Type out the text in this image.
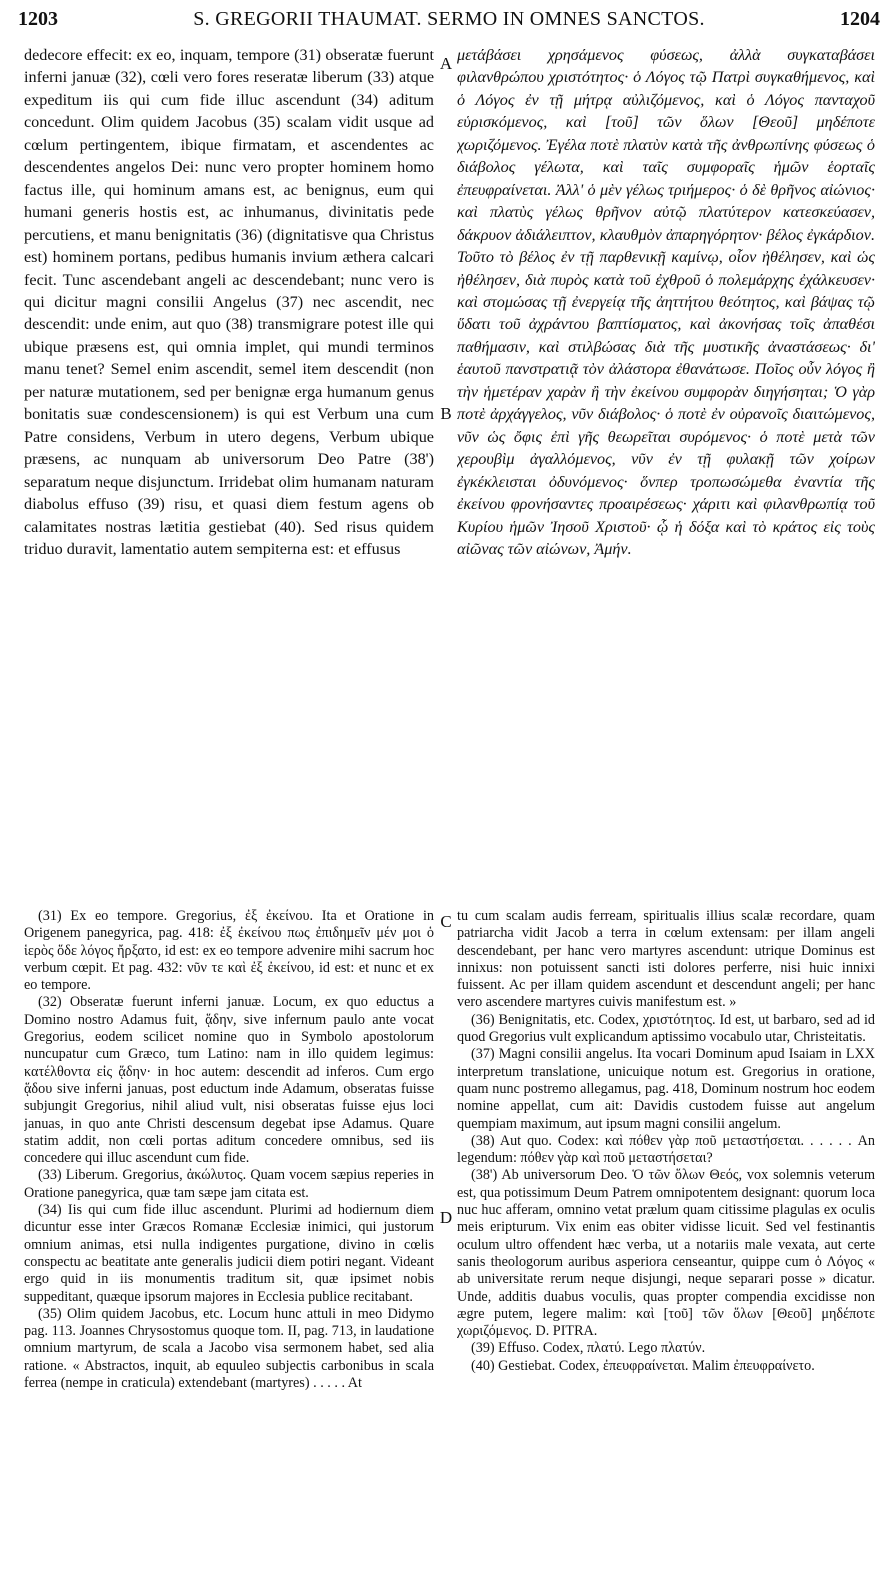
1203	S. GREGORII THAUMAT. SERMO IN OMNES SANCTOS.	1204

dedecore effecit: ex eo, inquam, tempore (31) obseratæ fuerunt inferni januæ (32), cœli vero fores reseratæ liberum (33) atque expeditum iis qui cum fide illuc ascendunt (34) aditum concedunt. Olim quidem Jacobus (35) scalam vidit usque ad cœlum pertingentem, ibique firmatam, et ascendentes ac descendentes angelos Dei: nunc vero propter hominem homo factus ille, qui hominum amans est, ac benignus, eum qui humani generis hostis est, ac inhumanus, divinitatis pede percutiens, et manu benignitatis (36) (dignitatisve qua Christus est) hominem portans, pedibus humanis invium æthera calcari fecit. Tunc ascendebant angeli ac descendebant; nunc vero is qui dicitur magni consilii Angelus (37) nec ascendit, nec descendit: unde enim, aut quo (38) transmigrare potest ille qui ubique præsens est, qui omnia implet, qui mundi terminos manu tenet? Semel enim ascendit, semel item descendit (non per naturæ mutationem, sed per benignæ erga humanum genus bonitatis suæ condescensionem) is qui est Verbum una cum Patre considens, Verbum in utero degens, Verbum ubique præsens, ac nunquam ab universorum Deo Patre (38') separatum neque disjunctum. Irridebat olim humanam naturam diabolus effuso (39) risu, et quasi diem festum agens ob calamitates nostras lætitia gestiebat (40). Sed risus quidem triduo duravit, lamentatio autem sempiterna est: et effusus

μετάβάσει χρησάμενος φύσεως, ἀλλὰ συγκαταβάσει φιλανθρώπου χριστότητος· ὁ Λόγος τῷ Πατρὶ συγκαθήμενος, καὶ ὁ Λόγος ἐν τῇ μήτρᾳ αὐλιζόμενος, καὶ ὁ Λόγος πανταχοῦ εὑρισκόμενος, καὶ [τοῦ] τῶν ὅλων [Θεοῦ] μηδέποτε χωριζόμενος. Ἐγέλα ποτὲ πλατὺν κατὰ τῆς ἀνθρωπίνης φύσεως ὁ διάβολος γέλωτα, καὶ ταῖς συμφοραῖς ἡμῶν ἑορταῖς ἐπευφραίνεται. Ἀλλ' ὁ μὲν γέλως τριήμερος· ὁ δὲ θρῆνος αἰώνιος· καὶ πλατὺς γέλως θρῆνον αὐτῷ πλατύτερον κατεσκεύασεν, δάκρυον ἀδιάλειπτον, κλαυθμὸν ἀπαρηγόρητον· βέλος ἐγκάρδιον. Τοῦτο τὸ βέλος ἐν τῇ παρθενικῇ καμίνῳ, οἷον ἠθέλησεν, καὶ ὡς ἠθέλησεν, διὰ πυρὸς κατὰ τοῦ ἐχθροῦ ὁ πολεμάρχης ἐχάλκευσεν· καὶ στομώσας τῇ ἐνεργείᾳ τῆς ἀηττήτου θεότητος, καὶ βάψας τῷ ὕδατι τοῦ ἀχράντου βαπτίσματος, καὶ ἀκονήσας τοῖς ἀπαθέσι παθήμασιν, καὶ στιλβώσας διὰ τῆς μυστικῆς ἀναστάσεως· δι' ἑαυτοῦ πανστρατιᾷ τὸν ἀλάστορα ἐθανάτωσε. Ποῖος οὖν λόγος ἢ τὴν ἡμετέραν χαρὰν ἢ τὴν ἐκείνου συμφορὰν διηγήσηται; Ὁ γὰρ ποτὲ ἀρχάγγελος, νῦν διάβολος· ὁ ποτὲ ἐν οὐρανοῖς διαιτώμενος, νῦν ὡς ὄφις ἐπὶ γῆς θεωρεῖται συρόμενος· ὁ ποτὲ μετὰ τῶν χερουβὶμ ἀγαλλόμενος, νῦν ἐν τῇ φυλακῇ τῶν χοίρων ἐγκέκλεισται ὀδυνόμενος· ὅνπερ τροπωσώμεθα ἐναντία τῆς ἐκείνου φρονήσαντες προαιρέσεως· χάριτι καὶ φιλανθρωπίᾳ τοῦ Κυρίου ἡμῶν Ἰησοῦ Χριστοῦ· ᾧ ἡ δόξα καὶ τὸ κράτος εἰς τοὺς αἰῶνας τῶν αἰώνων, Ἀμήν.

A
B
C
D

(31) Ex eo tempore. Gregorius, ἐξ ἐκείνου. Ita et Oratione in Origenem panegyrica, pag. 418: ἐξ ἐκείνου πως ἐπιδημεῖν μέν μοι ὁ ἱερὸς ὅδε λόγος ἤρξατο, id est: ex eo tempore advenire mihi sacrum hoc verbum cœpit. Et pag. 432: νῦν τε καὶ ἐξ ἐκείνου, id est: et nunc et ex eo tempore.

(32) Obseratæ fuerunt inferni januæ. Locum, ex quo eductus a Domino nostro Adamus fuit, ᾅδην, sive infernum paulo ante vocat Gregorius, eodem scilicet nomine quo in Symbolo apostolorum nuncupatur cum Græco, tum Latino: nam in illo quidem legimus: κατέλθοντα εἰς ᾅδην· in hoc autem: descendit ad inferos. Cum ergo ᾅδου sive inferni januas, post eductum inde Adamum, obseratas fuisse subjungit Gregorius, nihil aliud vult, nisi obseratas fuisse ejus loci januas, in quo ante Christi descensum degebat ipse Adamus. Quare statim addit, non cœli portas aditum concedere omnibus, sed iis concedere qui illuc ascendunt cum fide.

(33) Liberum. Gregorius, ἀκώλυτος. Quam vocem sæpius reperies in Oratione panegyrica, quæ tam sæpe jam citata est.

(34) Iis qui cum fide illuc ascendunt. Plurimi ad hodiernum diem dicuntur esse inter Græcos Romanæ Ecclesiæ inimici, qui justorum omnium animas, etsi nulla indigentes purgatione, divino in cœlis conspectu ac beatitate ante generalis judicii diem potiri negant. Videant ergo quid in iis monumentis traditum sit, quæ ipsimet nobis suppeditant, quæque ipsorum majores in Ecclesia publice recitabant.

(35) Olim quidem Jacobus, etc. Locum hunc attuli in meo Didymo pag. 113. Joannes Chrysostomus quoque tom. II, pag. 713, in laudatione omnium martyrum, de scala a Jacobo visa sermonem habet, sed alia ratione. « Abstractos, inquit, ab equuleo subjectis carbonibus in scala ferrea (nempe in craticula) extendebant (martyres) . . . . . At

tu cum scalam audis ferream, spiritualis illius scalæ recordare, quam patriarcha vidit Jacob a terra in cœlum extensam: per illam angeli descendebant, per hanc vero martyres ascendunt: utrique Dominus est innixus: non potuissent sancti isti dolores perferre, nisi huic innixi fuissent. Ac per illam quidem ascendunt et descendunt angeli; per hanc vero ascendere martyres cuivis manifestum est. »

(36) Benignitatis, etc. Codex, χριστότητος. Id est, ut barbaro, sed ad id quod Gregorius vult explicandum aptissimo vocabulo utar, Christeitatis.

(37) Magni consilii angelus. Ita vocari Dominum apud Isaiam in LXX interpretum translatione, unicuique notum est. Gregorius in oratione, quam nunc postremo allegamus, pag. 418, Dominum nostrum hoc eodem nomine appellat, cum ait: Davidis custodem fuisse aut angelum quempiam maximum, aut ipsum magni consilii angelum.

(38) Aut quo. Codex: καὶ πόθεν γὰρ ποῦ μεταστήσεται. . . . . . An legendum: πόθεν γὰρ καὶ ποῦ μεταστήσεται?

(38') Ab universorum Deo. Ὁ τῶν ὅλων Θεός, vox solemnis veterum est, qua potissimum Deum Patrem omnipotentem designant: quorum loca nuc huc afferam, omnino vetat prælum quam citissime plagulas ex oculis meis eripturum. Vix enim eas obiter vidisse licuit. Sed vel festinantis oculum ultro offendent hæc verba, ut a notariis male vexata, aut certe sanis theologorum auribus asperiora censeantur, quippe cum ὁ Λόγος « ab universitate rerum neque disjungi, neque separari posse » dicatur. Unde, additis duabus voculis, quas propter compendia excidisse non ægre putem, legere malim: καὶ [τοῦ] τῶν ὅλων [Θεοῦ] μηδέποτε χωριζόμενος. D. PITRA.

(39) Effuso. Codex, πλατύ. Lego πλατύν.

(40) Gestiebat. Codex, ἐπευφραίνεται. Malim ἐπευφραίνετο.
